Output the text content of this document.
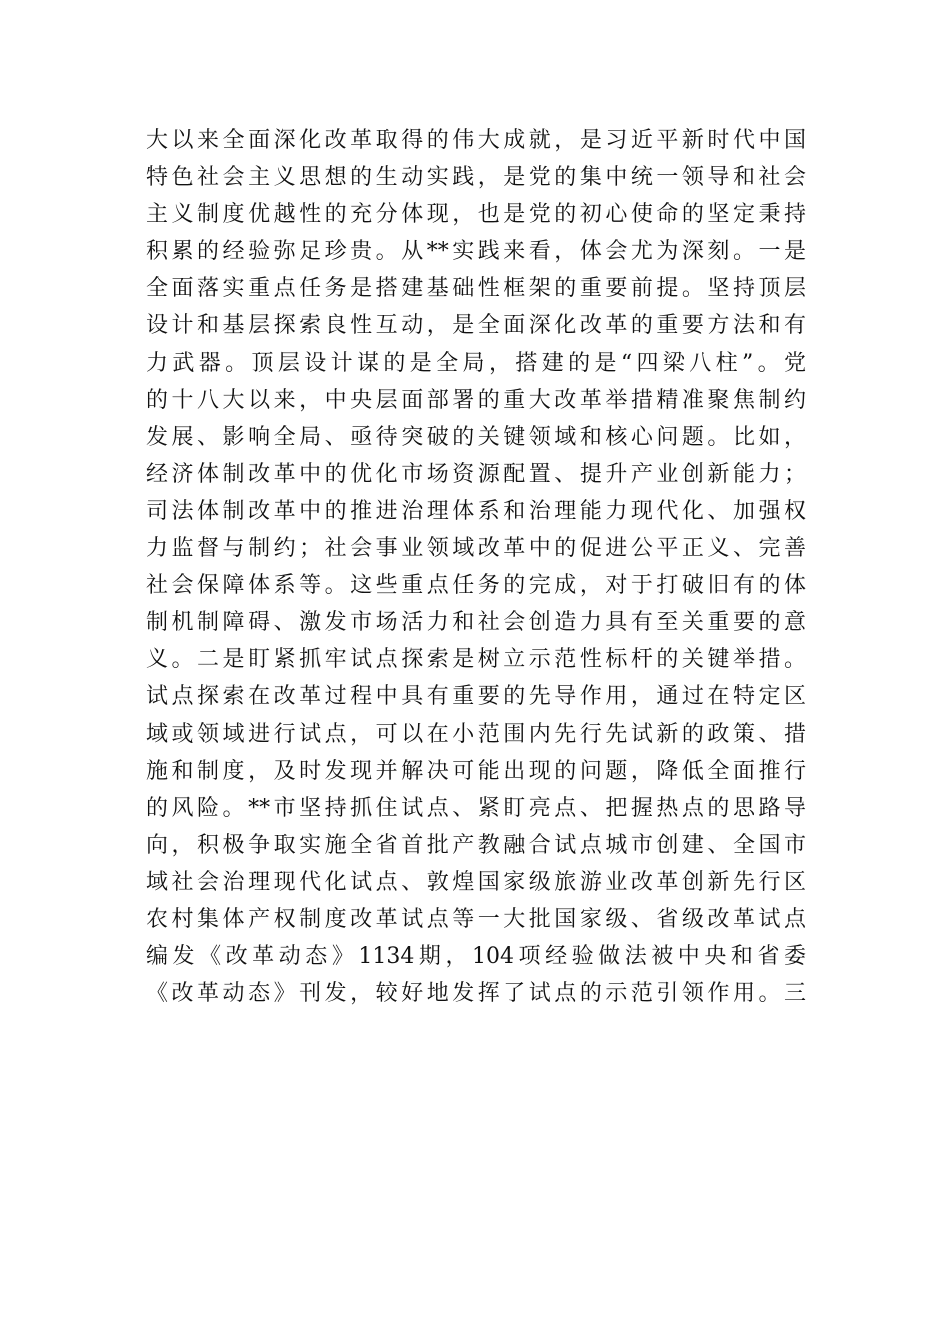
大以来全面深化改革取得的伟大成就，是习近平新时代中国
特色社会主义思想的生动实践，是党的集中统一领导和社会
主义制度优越性的充分体现，也是党的初心使命的坚定秉持
积累的经验弥足珍贵。从**实践来看，体会尤为深刻。一是
全面落实重点任务是搭建基础性框架的重要前提。坚持顶层
设计和基层探索良性互动，是全面深化改革的重要方法和有
力武器。顶层设计谋的是全局，搭建的是“四梁八柱”。党
的十八大以来，中央层面部署的重大改革举措精准聚焦制约
发展、影响全局、亟待突破的关键领域和核心问题。比如，
经济体制改革中的优化市场资源配置、提升产业创新能力；
司法体制改革中的推进治理体系和治理能力现代化、加强权
力监督与制约；社会事业领域改革中的促进公平正义、完善
社会保障体系等。这些重点任务的完成，对于打破旧有的体
制机制障碍、激发市场活力和社会创造力具有至关重要的意
义。二是盯紧抓牢试点探索是树立示范性标杆的关键举措。
试点探索在改革过程中具有重要的先导作用，通过在特定区
域或领域进行试点，可以在小范围内先行先试新的政策、措
施和制度，及时发现并解决可能出现的问题，降低全面推行
的风险。**市坚持抓住试点、紧盯亮点、把握热点的思路导
向，积极争取实施全省首批产教融合试点城市创建、全国市
域社会治理现代化试点、敦煌国家级旅游业改革创新先行区
农村集体产权制度改革试点等一大批国家级、省级改革试点
编发《改革动态》1134期，104项经验做法被中央和省委
《改革动态》刊发，较好地发挥了试点的示范引领作用。三
